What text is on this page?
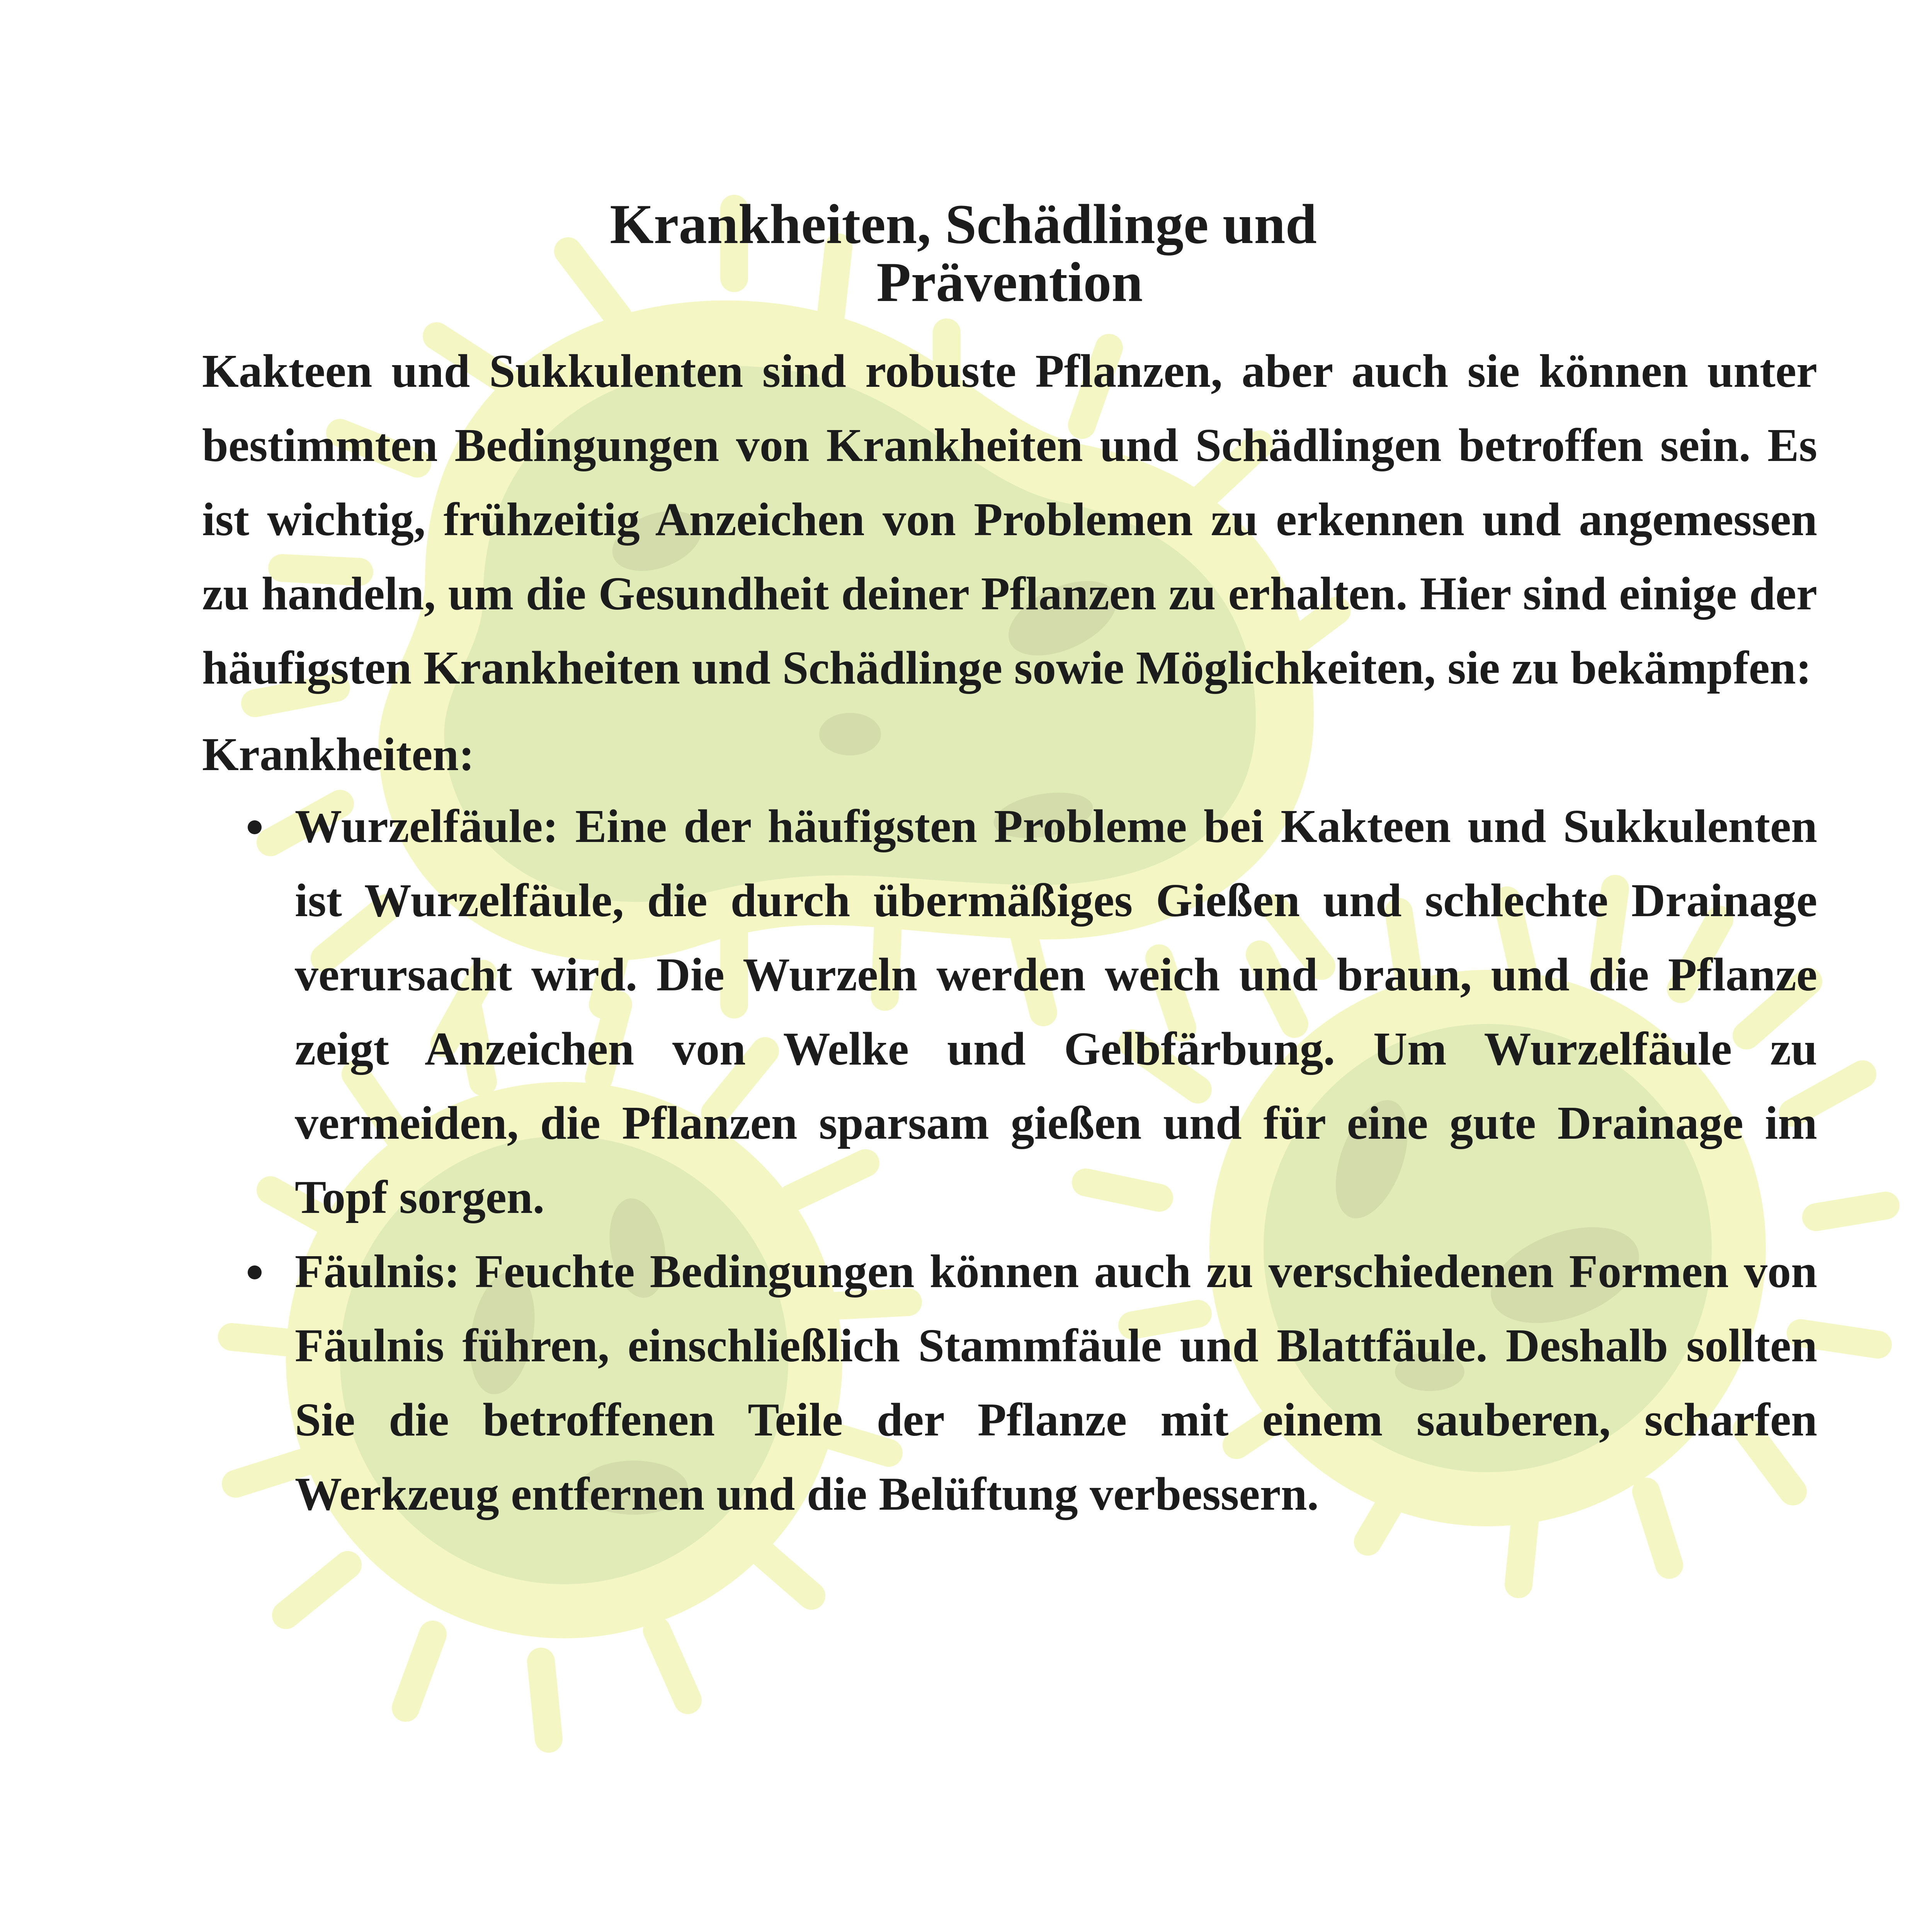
Krankheiten, Schädlinge und
Prävention

Kakteen und Sukkulenten sind robuste Pflanzen, aber auch sie können unter bestimmten Bedingungen von Krankheiten und Schädlingen betroffen sein. Es ist wichtig, frühzeitig Anzeichen von Problemen zu erkennen und angemessen zu handeln, um die Gesundheit deiner Pflanzen zu erhalten. Hier sind einige der häufigsten Krankheiten und Schädlinge sowie Möglichkeiten, sie zu bekämpfen:

Krankheiten:

Wurzelfäule: Eine der häufigsten Probleme bei Kakteen und Sukkulenten ist Wurzelfäule, die durch übermäßiges Gießen und schlechte Drainage verursacht wird. Die Wurzeln werden weich und braun, und die Pflanze zeigt Anzeichen von Welke und Gelbfärbung. Um Wurzelfäule zu vermeiden, die Pflanzen sparsam gießen und für eine gute Drainage im Topf sorgen.
Fäulnis: Feuchte Bedingungen können auch zu verschiedenen Formen von Fäulnis führen, einschließlich Stammfäule und Blattfäule. Deshalb sollten Sie die betroffenen Teile der Pflanze mit einem sauberen, scharfen Werkzeug entfernen und die Belüftung verbessern.
